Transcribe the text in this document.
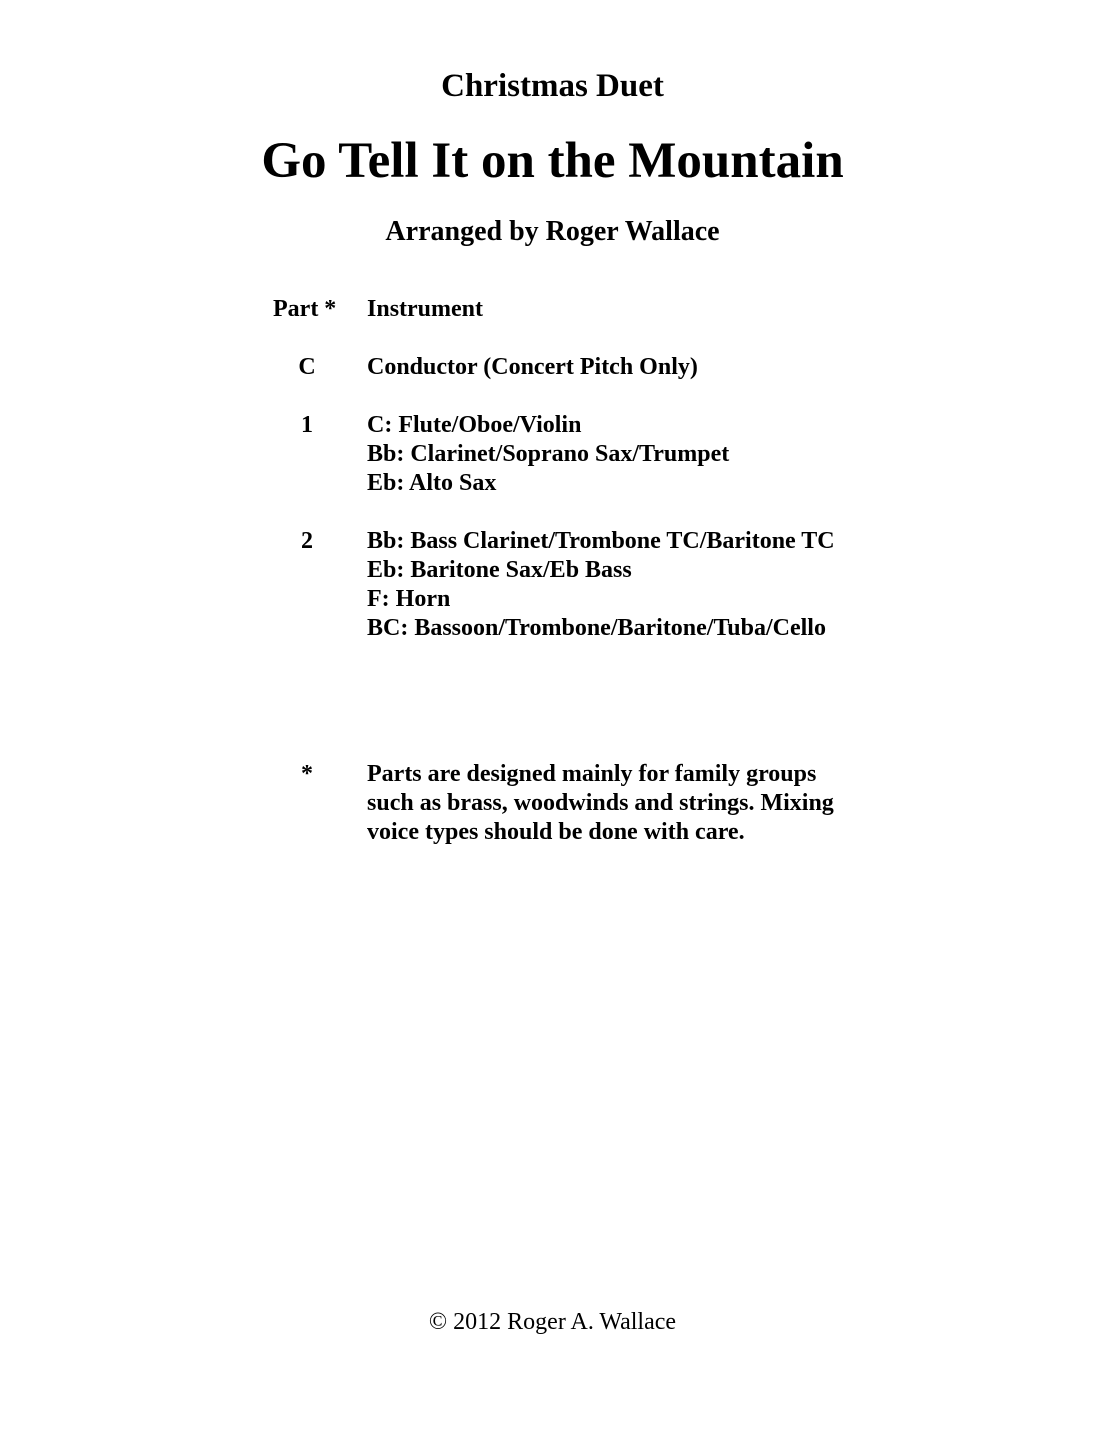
Christmas Duet
Go Tell It on the Mountain
Arranged by Roger Wallace
Part * Instrument
C	Conductor (Concert Pitch Only)
1	C: Flute/Oboe/Violin
Bb: Clarinet/Soprano Sax/Trumpet
Eb: Alto Sax
2	Bb: Bass Clarinet/Trombone TC/Baritone TC
Eb: Baritone Sax/Eb Bass
F: Horn
BC: Bassoon/Trombone/Baritone/Tuba/Cello
*	Parts are designed mainly for family groups
such as brass, woodwinds and strings. Mixing
voice types should be done with care.
© 2012 Roger A. Wallace
